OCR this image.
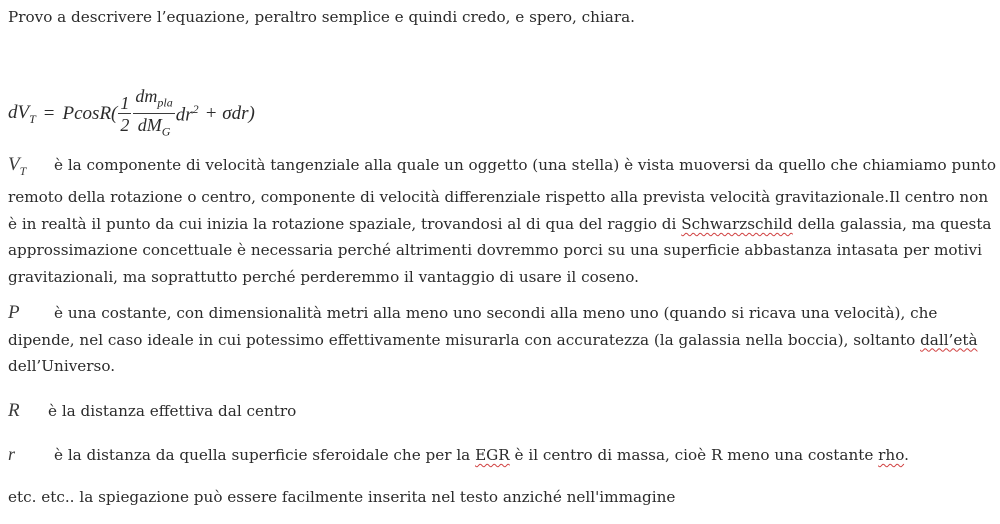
Provo a descrivere l’equazione, peraltro semplice e quindi credo, e spero, chiara.
$dV_T = PcosR( \frac{1}{2} \frac{dm_{pla}}{dM_G} dr^2 + \sigma dr)$
$V_T$ è la componente di velocità tangenziale alla quale un oggetto (una stella) è vista muoversi da quello che chiamiamo punto
remoto della rotazione o centro, componente di velocità differenziale rispetto alla prevista velocità gravitazionale.Il centro non
è in realtà il punto da cui inizia la rotazione spaziale, trovandosi al di qua del raggio di Schwarzschild della galassia, ma questa
approssimazione concettuale è necessaria perché altrimenti dovremmo porci su una superficie abbastanza intasata per motivi
gravitazionali, ma soprattutto perché perderemmo il vantaggio di usare il coseno.
P è una costante, con dimensionalità metri alla meno uno secondi alla meno uno (quando si ricava una velocità), che
dipende, nel caso ideale in cui potessimo effettivamente misurarla con accuratezza (la galassia nella boccia), soltanto dall’età
dell’Universo.
R è la distanza effettiva dal centro
r	è la distanza da quella superficie sferoidale che per la EGR è il centro di massa, cioè R meno una costante rho.
etc. etc.. la spiegazione può essere facilmente inserita nel testo anziché nell'immagine
